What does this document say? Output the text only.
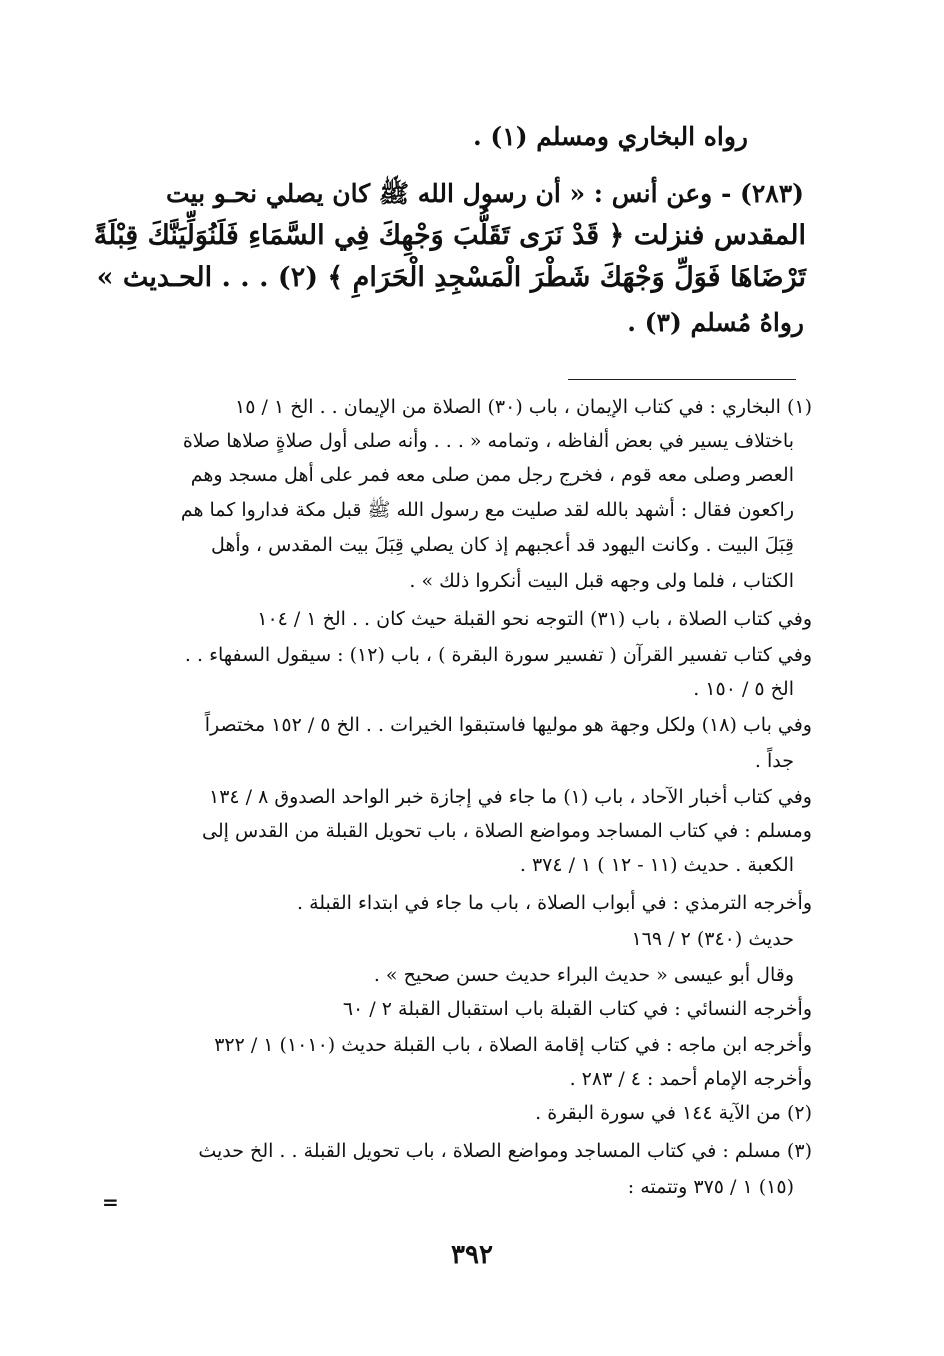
رواه البخاري ومسلم (١) .
(٢٨٣) - وعن أنس : « أن رسول الله ﷺ كان يصلي نحـو بيت
المقدس فنزلت ﴿ قَدْ نَرَى تَقَلُّبَ وَجْهِكَ فِي السَّمَاءِ فَلَنُوَلِّيَنَّكَ قِبْلَةً
تَرْضَاهَا فَوَلِّ وَجْهَكَ شَطْرَ الْمَسْجِدِ الْحَرَامِ ﴾ (٢) . . . الحـديث »
رواهُ مُسلم (٣) .
(١) البخاري : في كتاب الإيمان ، باب (٣٠) الصلاة من الإيمان . . الخ ١ / ١٥
باختلاف يسير في بعض ألفاظه ، وتمامه « . . . وأنه صلى أول صلاةٍ صلاها صلاة
العصر وصلى معه قوم ، فخرج رجل ممن صلى معه فمر على أهل مسجد وهم
راكعون فقال : أشهد بالله لقد صليت مع رسول الله ﷺ قبل مكة فداروا كما هم
قِبَلَ البيت . وكانت اليهود قد أعجبهم إذ كان يصلي قِبَلَ بيت المقدس ، وأهل
الكتاب ، فلما ولى وجهه قبل البيت أنكروا ذلك » .
وفي كتاب الصلاة ، باب (٣١) التوجه نحو القبلة حيث كان . . الخ ١ / ١٠٤
وفي كتاب تفسير القرآن ( تفسير سورة البقرة ) ، باب (١٢) : سيقول السفهاء . .
الخ ٥ / ١٥٠ .
وفي باب (١٨) ولكل وجهة هو موليها فاستبقوا الخيرات . . الخ ٥ / ١٥٢ مختصراً
جداً .
وفي كتاب أخبار الآحاد ، باب (١) ما جاء في إجازة خبر الواحد الصدوق ٨ / ١٣٤
ومسلم : في كتاب المساجد ومواضع الصلاة ، باب تحويل القبلة من القدس إلى
الكعبة . حديث (١١ - ١٢ ) ١ / ٣٧٤ .
وأخرجه الترمذي : في أبواب الصلاة ، باب ما جاء في ابتداء القبلة .
حديث (٣٤٠) ٢ / ١٦٩
وقال أبو عيسى « حديث البراء حديث حسن صحيح » .
وأخرجه النسائي : في كتاب القبلة باب استقبال القبلة ٢ / ٦٠
وأخرجه ابن ماجه : في كتاب إقامة الصلاة ، باب القبلة حديث (١٠١٠) ١ / ٣٢٢
وأخرجه الإمام أحمد : ٤ / ٢٨٣ .
(٢) من الآية ١٤٤ في سورة البقرة .
(٣) مسلم : في كتاب المساجد ومواضع الصلاة ، باب تحويل القبلة . . الخ حديث
(١٥) ١ / ٣٧٥ وتتمته :
=
٣٩٢
